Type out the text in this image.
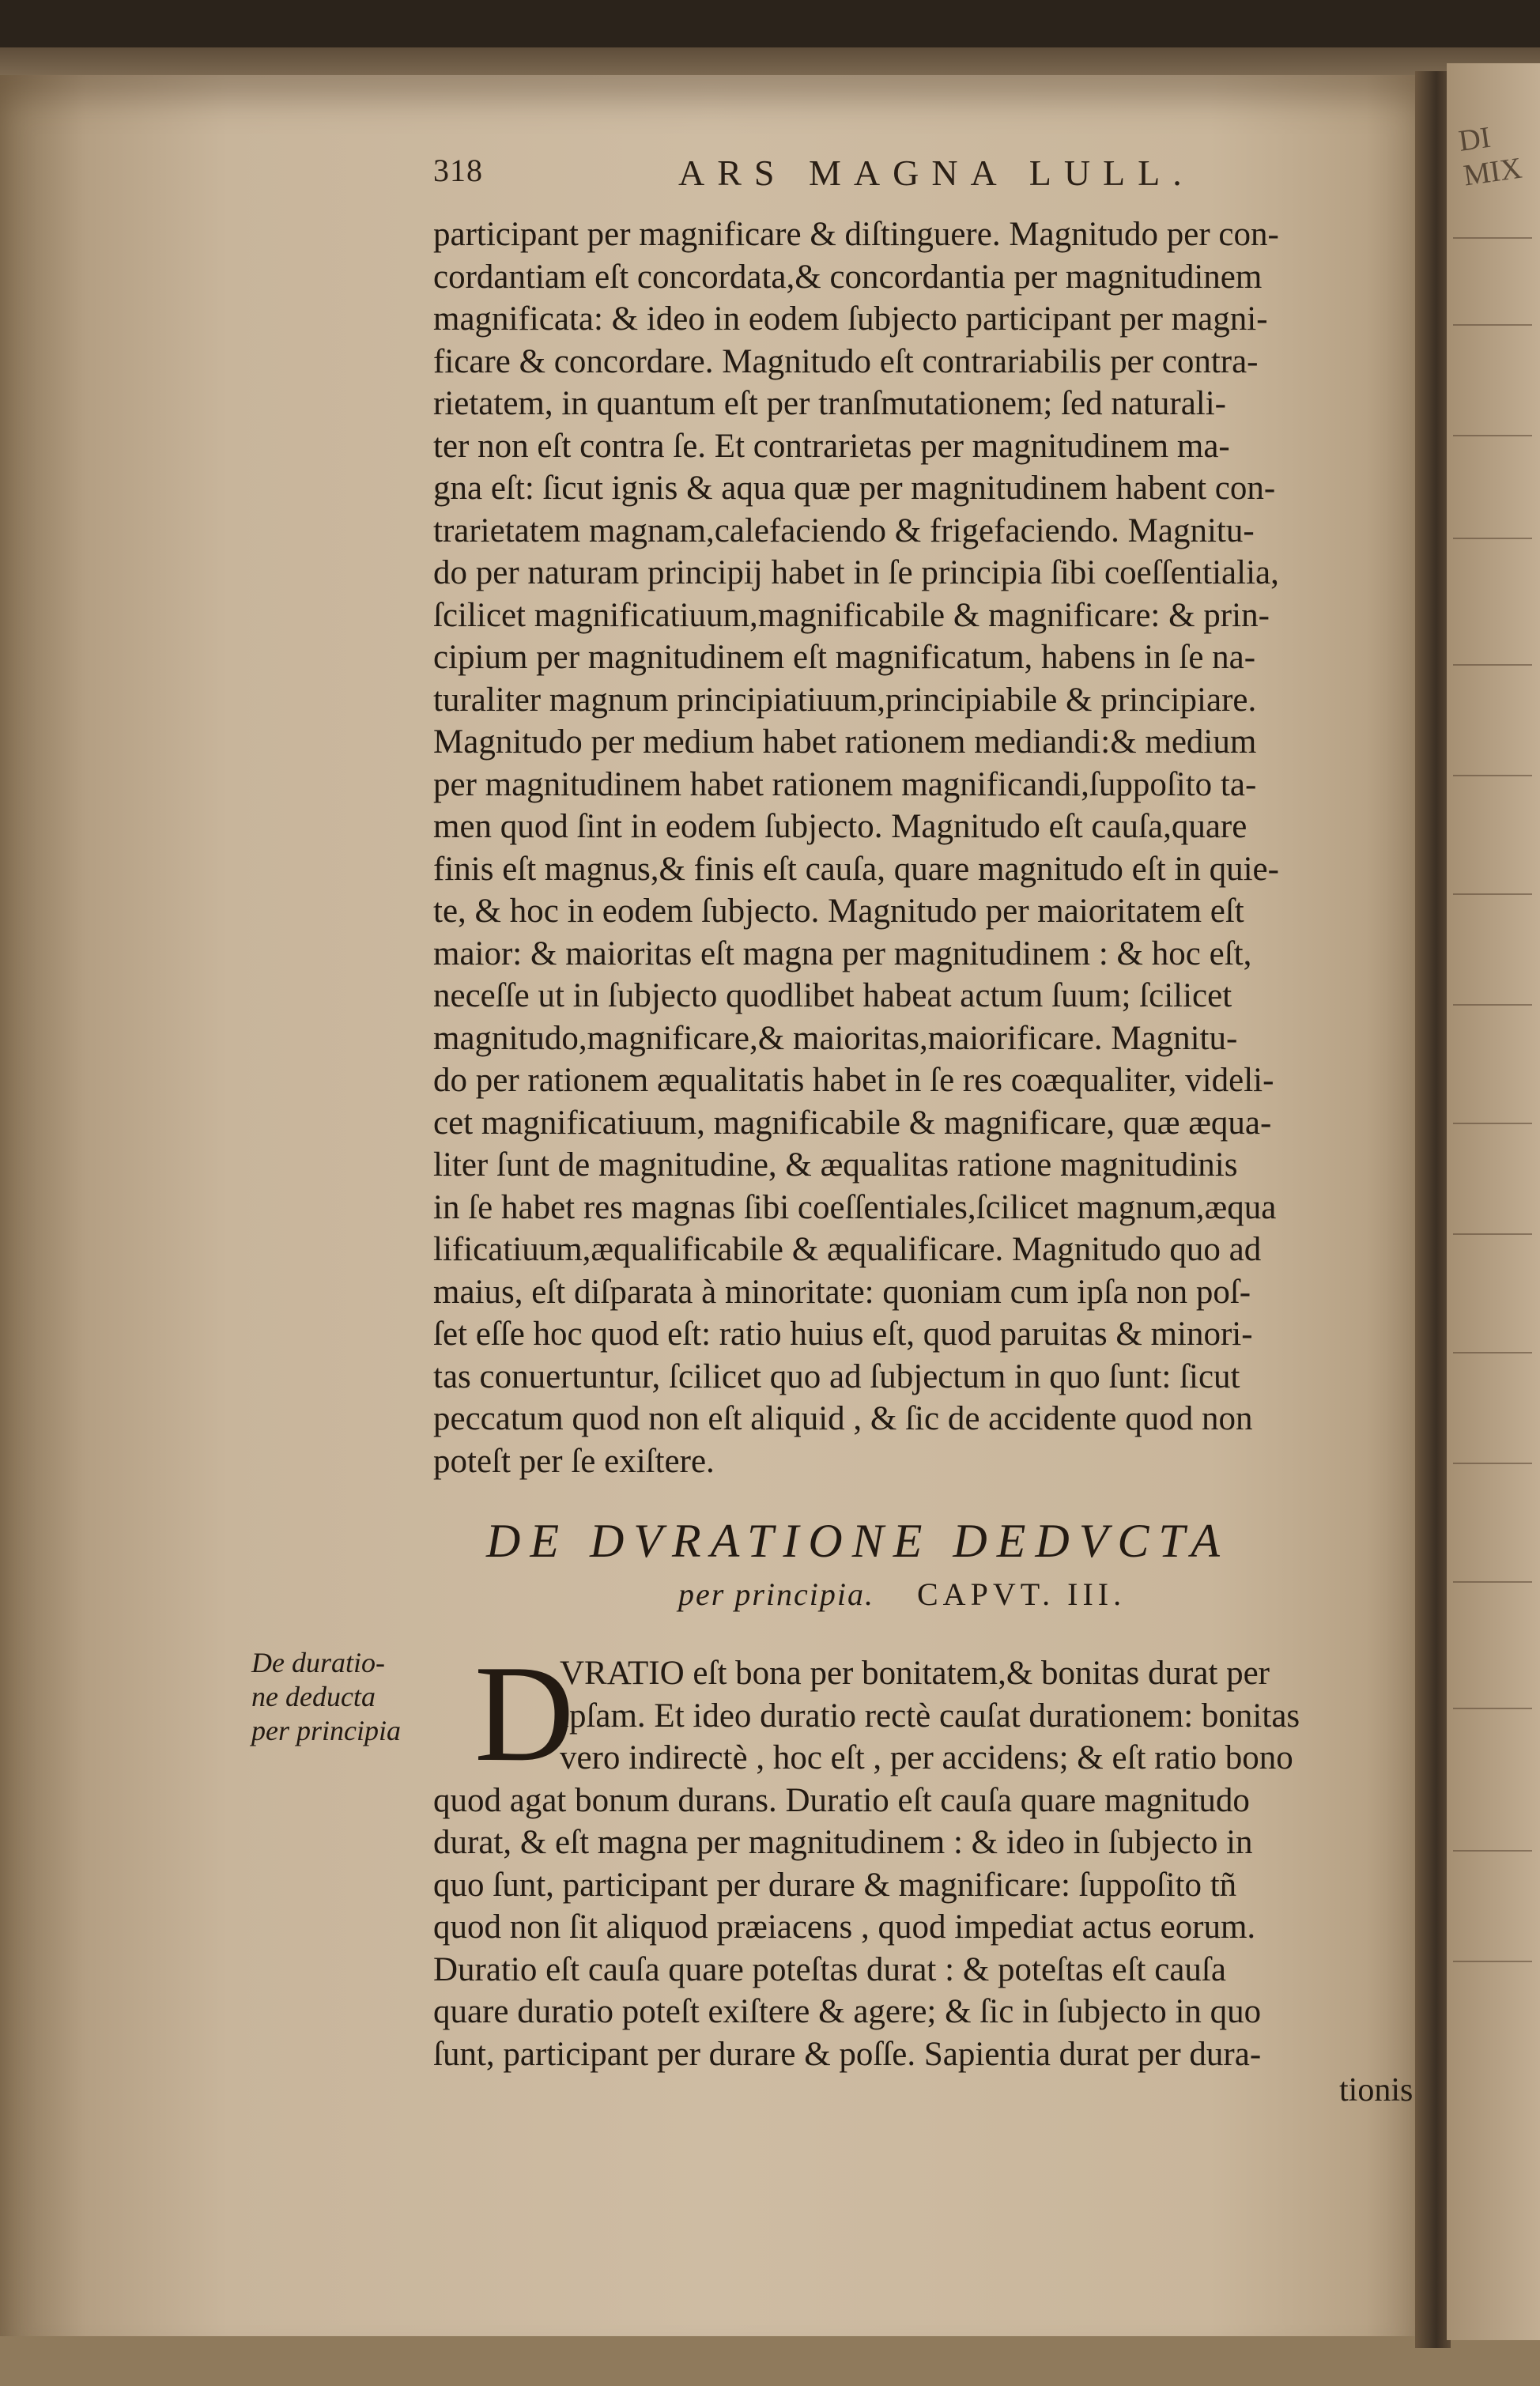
DI MIX
318	ARS MAGNA LULL.
participant per magnificare & diſtinguere. Magnitudo per con-
cordantiam eſt concordata,& concordantia per magnitudinem
magnificata: & ideo in eodem ſubjecto participant per magni-
ficare & concordare. Magnitudo eſt contrariabilis per contra-
rietatem, in quantum eſt per tranſmutationem; ſed naturali-
ter non eſt contra ſe. Et contrarietas per magnitudinem ma-
gna eſt: ſicut ignis & aqua quæ per magnitudinem habent con-
trarietatem magnam,calefaciendo & frigefaciendo. Magnitu-
do per naturam principij habet in ſe principia ſibi coeſſentialia,
ſcilicet magnificatiuum,magnificabile & magnificare: & prin-
cipium per magnitudinem eſt magnificatum, habens in ſe na-
turaliter magnum principiatiuum,principiabile & principiare.
Magnitudo per medium habet rationem mediandi:& medium
per magnitudinem habet rationem magnificandi,ſuppoſito ta-
men quod ſint in eodem ſubjecto. Magnitudo eſt cauſa,quare
finis eſt magnus,& finis eſt cauſa, quare magnitudo eſt in quie-
te, & hoc in eodem ſubjecto. Magnitudo per maioritatem eſt
maior: & maioritas eſt magna per magnitudinem : & hoc eſt,
neceſſe ut in ſubjecto quodlibet habeat actum ſuum; ſcilicet
magnitudo,magnificare,& maioritas,maiorificare. Magnitu-
do per rationem æqualitatis habet in ſe res coæqualiter, videli-
cet magnificatiuum, magnificabile & magnificare, quæ æqua-
liter ſunt de magnitudine, & æqualitas ratione magnitudinis
in ſe habet res magnas ſibi coeſſentiales,ſcilicet magnum,æqua
lificatiuum,æqualificabile & æqualificare. Magnitudo quo ad
maius, eſt diſparata à minoritate: quoniam cum ipſa non poſ-
ſet eſſe hoc quod eſt: ratio huius eſt, quod paruitas & minori-
tas conuertuntur, ſcilicet quo ad ſubjectum in quo ſunt: ſicut
peccatum quod non eſt aliquid , & ſic de accidente quod non
poteſt per ſe exiſtere.
DE DVRATIONE DEDVCTA
per principia. CAPVT. III.
De duratio-
ne deducta
per principia D
VRATIO eſt bona per bonitatem,& bonitas durat per
ipſam. Et ideo duratio rectè cauſat durationem: bonitas
vero indirectè , hoc eſt , per accidens; & eſt ratio bono
quod agat bonum durans. Duratio eſt cauſa quare magnitudo
durat, & eſt magna per magnitudinem : & ideo in ſubjecto in
quo ſunt, participant per durare & magnificare: ſuppoſito tñ
quod non ſit aliquod præiacens , quod impediat actus eorum.
Duratio eſt cauſa quare poteſtas durat : & poteſtas eſt cauſa
quare duratio poteſt exiſtere & agere; & ſic in ſubjecto in quo
ſunt, participant per durare & poſſe. Sapientia durat per dura-
tionis
